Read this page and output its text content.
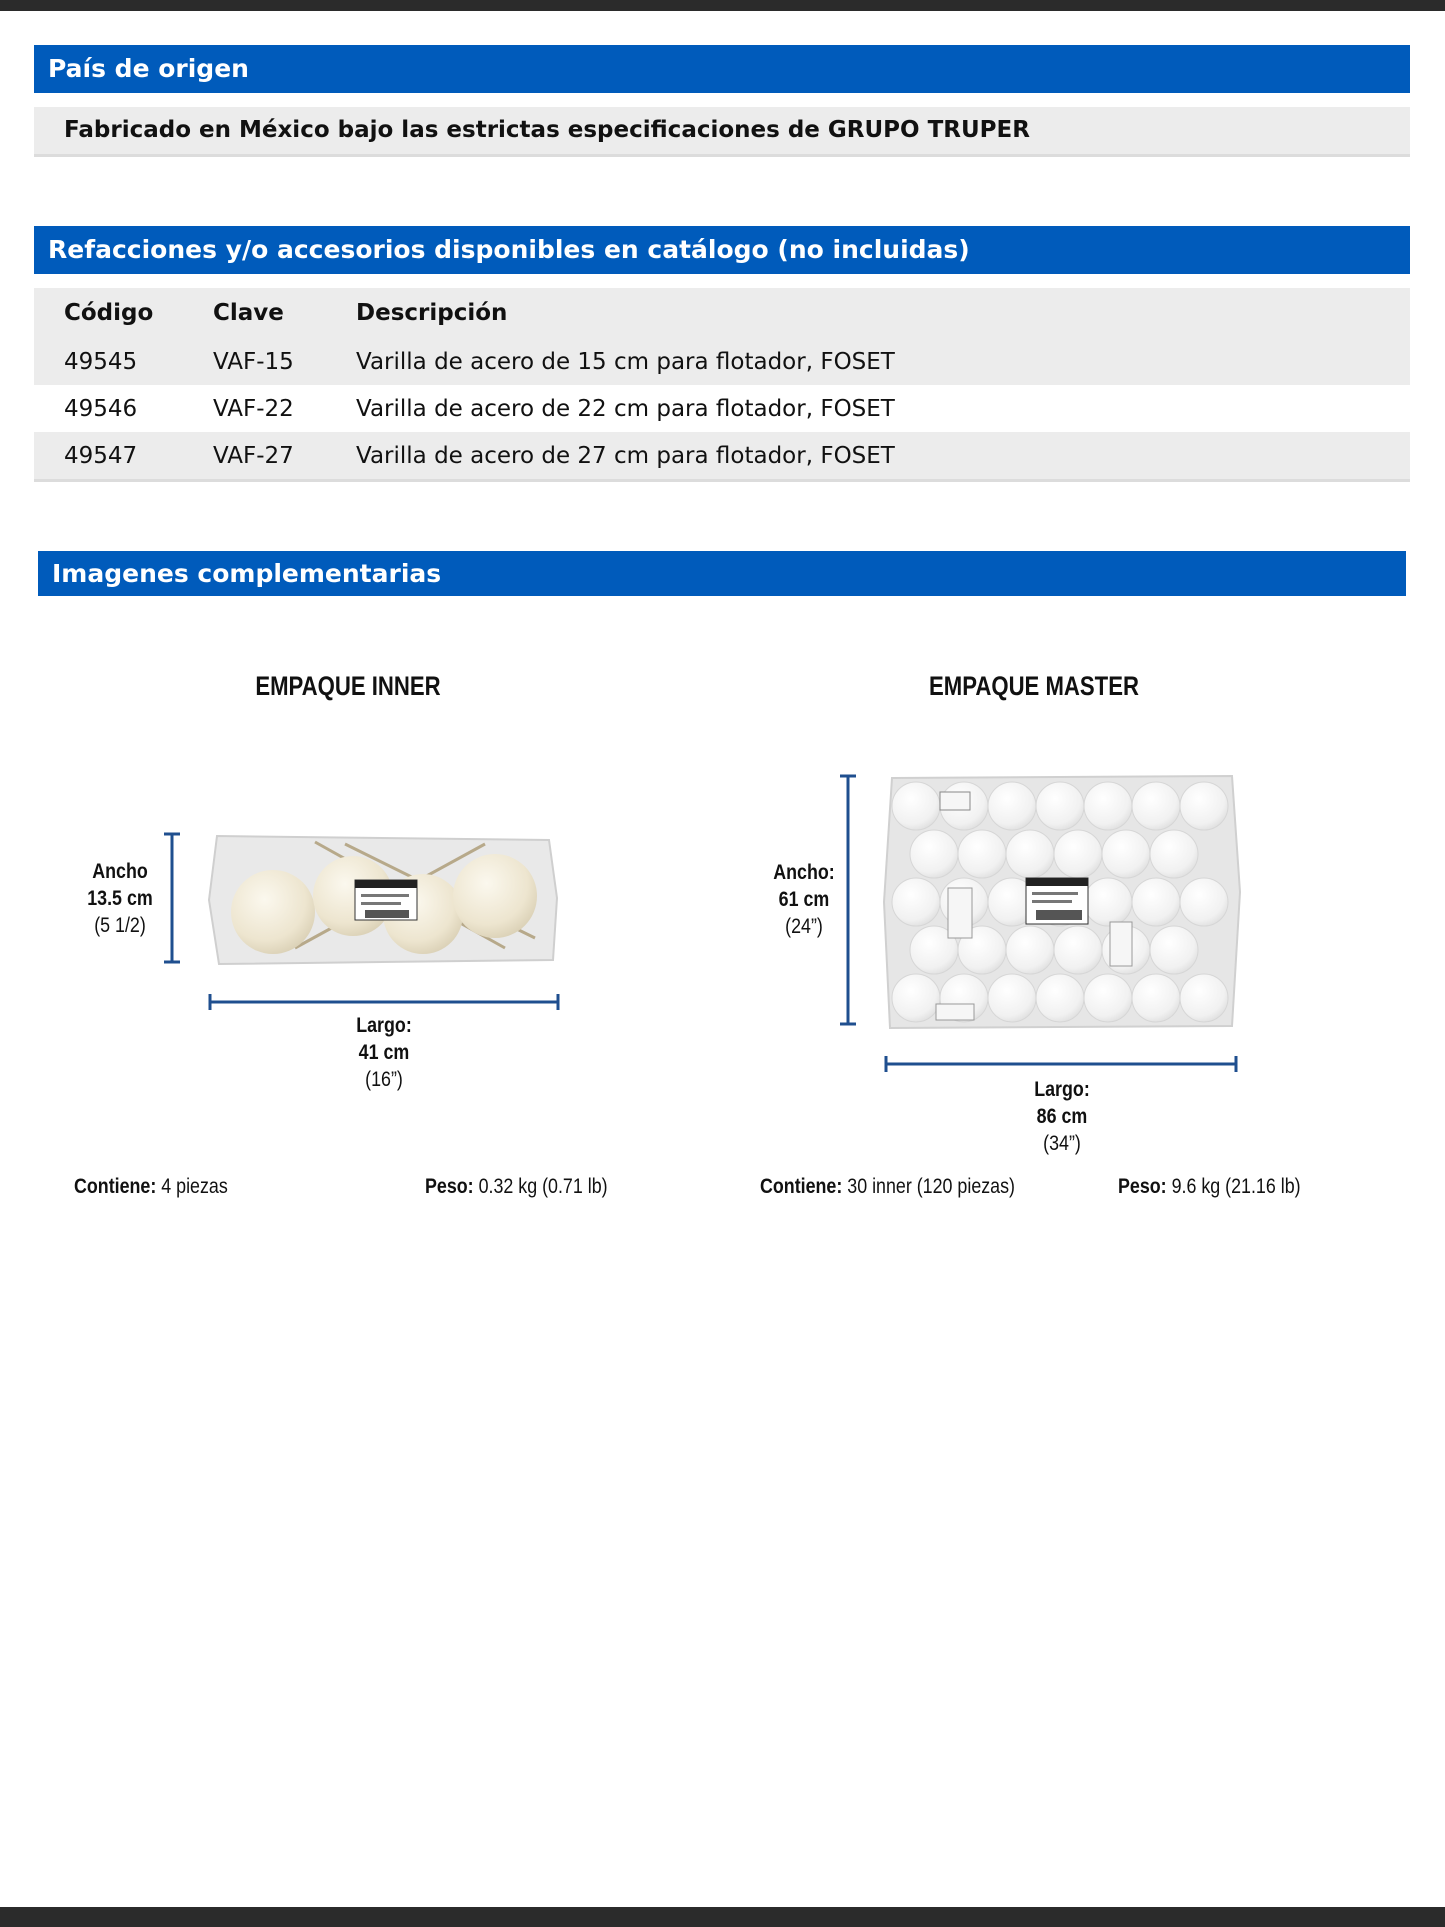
País de origen
Fabricado en México bajo las estrictas especificaciones de GRUPO TRUPER
Refacciones y/o accesorios disponibles en catálogo (no incluidas)
Código	Clave	Descripción
49545	VAF-15	Varilla de acero de 15 cm para flotador, FOSET
49546	VAF-22	Varilla de acero de 22 cm para flotador, FOSET
49547	VAF-27	Varilla de acero de 27 cm para flotador, FOSET
Imagenes complementarias
EMPAQUE INNER
Ancho
13.5 cm
(5 1/2)
Largo:
41 cm
(16”)
Contiene: 4 piezas	Peso: 0.32 kg (0.71 lb)
EMPAQUE MASTER
Ancho:
61 cm
(24”)
Largo:
86 cm
(34”)
Contiene: 30 inner (120 piezas)	Peso: 9.6 kg (21.16 lb)
